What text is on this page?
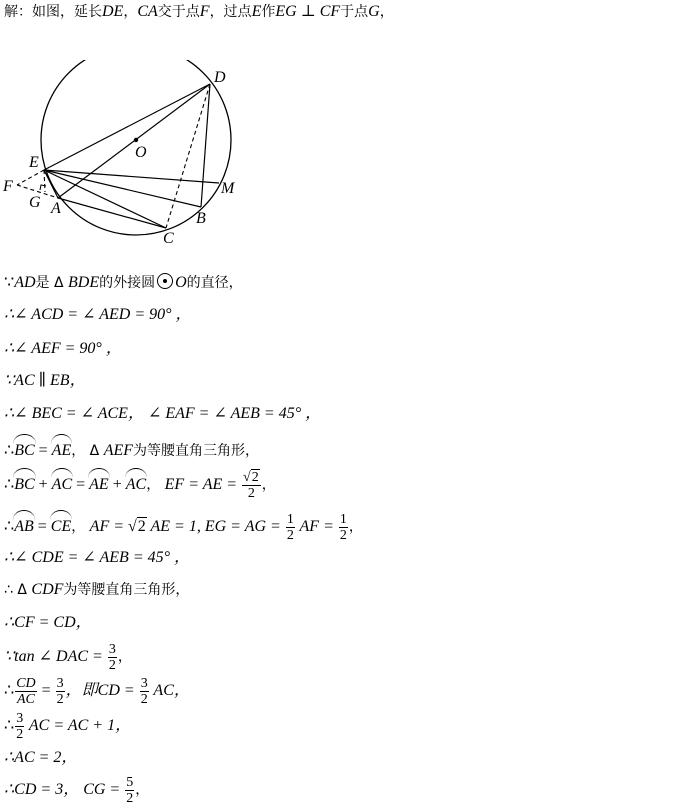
解：如图，延长DE，CA交于点F，过点E作EG ⊥ CF于点G，
D
O
E
F	M
G A
B
C
∵AD是 Δ BDE的外接圆 O的直径，
∴∠ ACD = ∠ AED = 90° ，
∴∠ AEF = 90° ，
∵AC ∥ EB，
∴∠ BEC = ∠ ACE， ∠ EAF = ∠ AEB = 45° ，
∴BC = AE， Δ AEF为等腰直角三角形，
∴BC + AC = AE + AC， EF = AE = $\frac{√2}{2}$ ，
∴AB = CE， AF = √2 AE = 1, EG = AG = $\frac{1}{2}$ AF = $\frac{1}{2}$ ，
∴∠ CDE = ∠ AEB = 45° ，
∴ Δ CDF为等腰直角三角形，
∴CF = CD，
∵tan ∠ DAC = $\frac{3}{2}$ ，
∴ $\frac{CD}{AC} = \frac{3}{2}$ ，即CD = $\frac{3}{2}$ AC，
∴ $\frac{3}{2}$ AC = AC + 1，
∴AC = 2，
∴CD = 3， CG = $\frac{5}{2}$ ，
